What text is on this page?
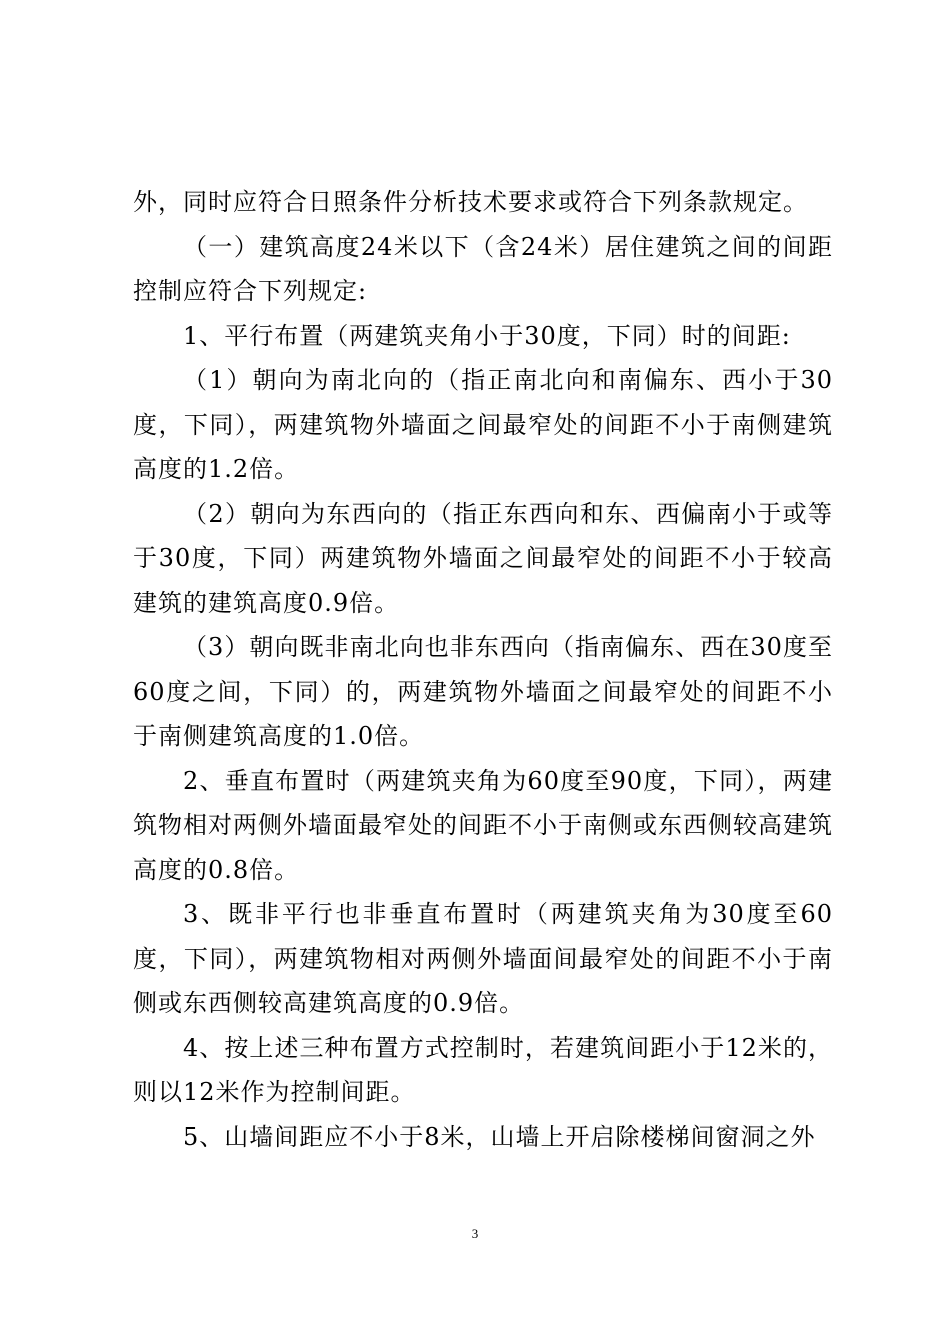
外，同时应符合日照条件分析技术要求或符合下列条款规定。

（一）建筑高度24米以下（含24米）居住建筑之间的间距控制应符合下列规定:

1、平行布置（两建筑夹角小于30度，下同）时的间距:

（1）朝向为南北向的（指正南北向和南偏东、西小于30度，下同），两建筑物外墙面之间最窄处的间距不小于南侧建筑高度的1.2倍。

（2）朝向为东西向的（指正东西向和东、西偏南小于或等于30度，下同）两建筑物外墙面之间最窄处的间距不小于较高建筑的建筑高度0.9倍。

（3）朝向既非南北向也非东西向（指南偏东、西在30度至60度之间，下同）的，两建筑物外墙面之间最窄处的间距不小于南侧建筑高度的1.0倍。

2、垂直布置时（两建筑夹角为60度至90度，下同），两建筑物相对两侧外墙面最窄处的间距不小于南侧或东西侧较高建筑高度的0.8倍。

3、既非平行也非垂直布置时（两建筑夹角为30度至60度，下同），两建筑物相对两侧外墙面间最窄处的间距不小于南侧或东西侧较高建筑高度的0.9倍。

4、按上述三种布置方式控制时，若建筑间距小于12米的，则以12米作为控制间距。

5、山墙间距应不小于8米，山墙上开启除楼梯间窗洞之外

3
